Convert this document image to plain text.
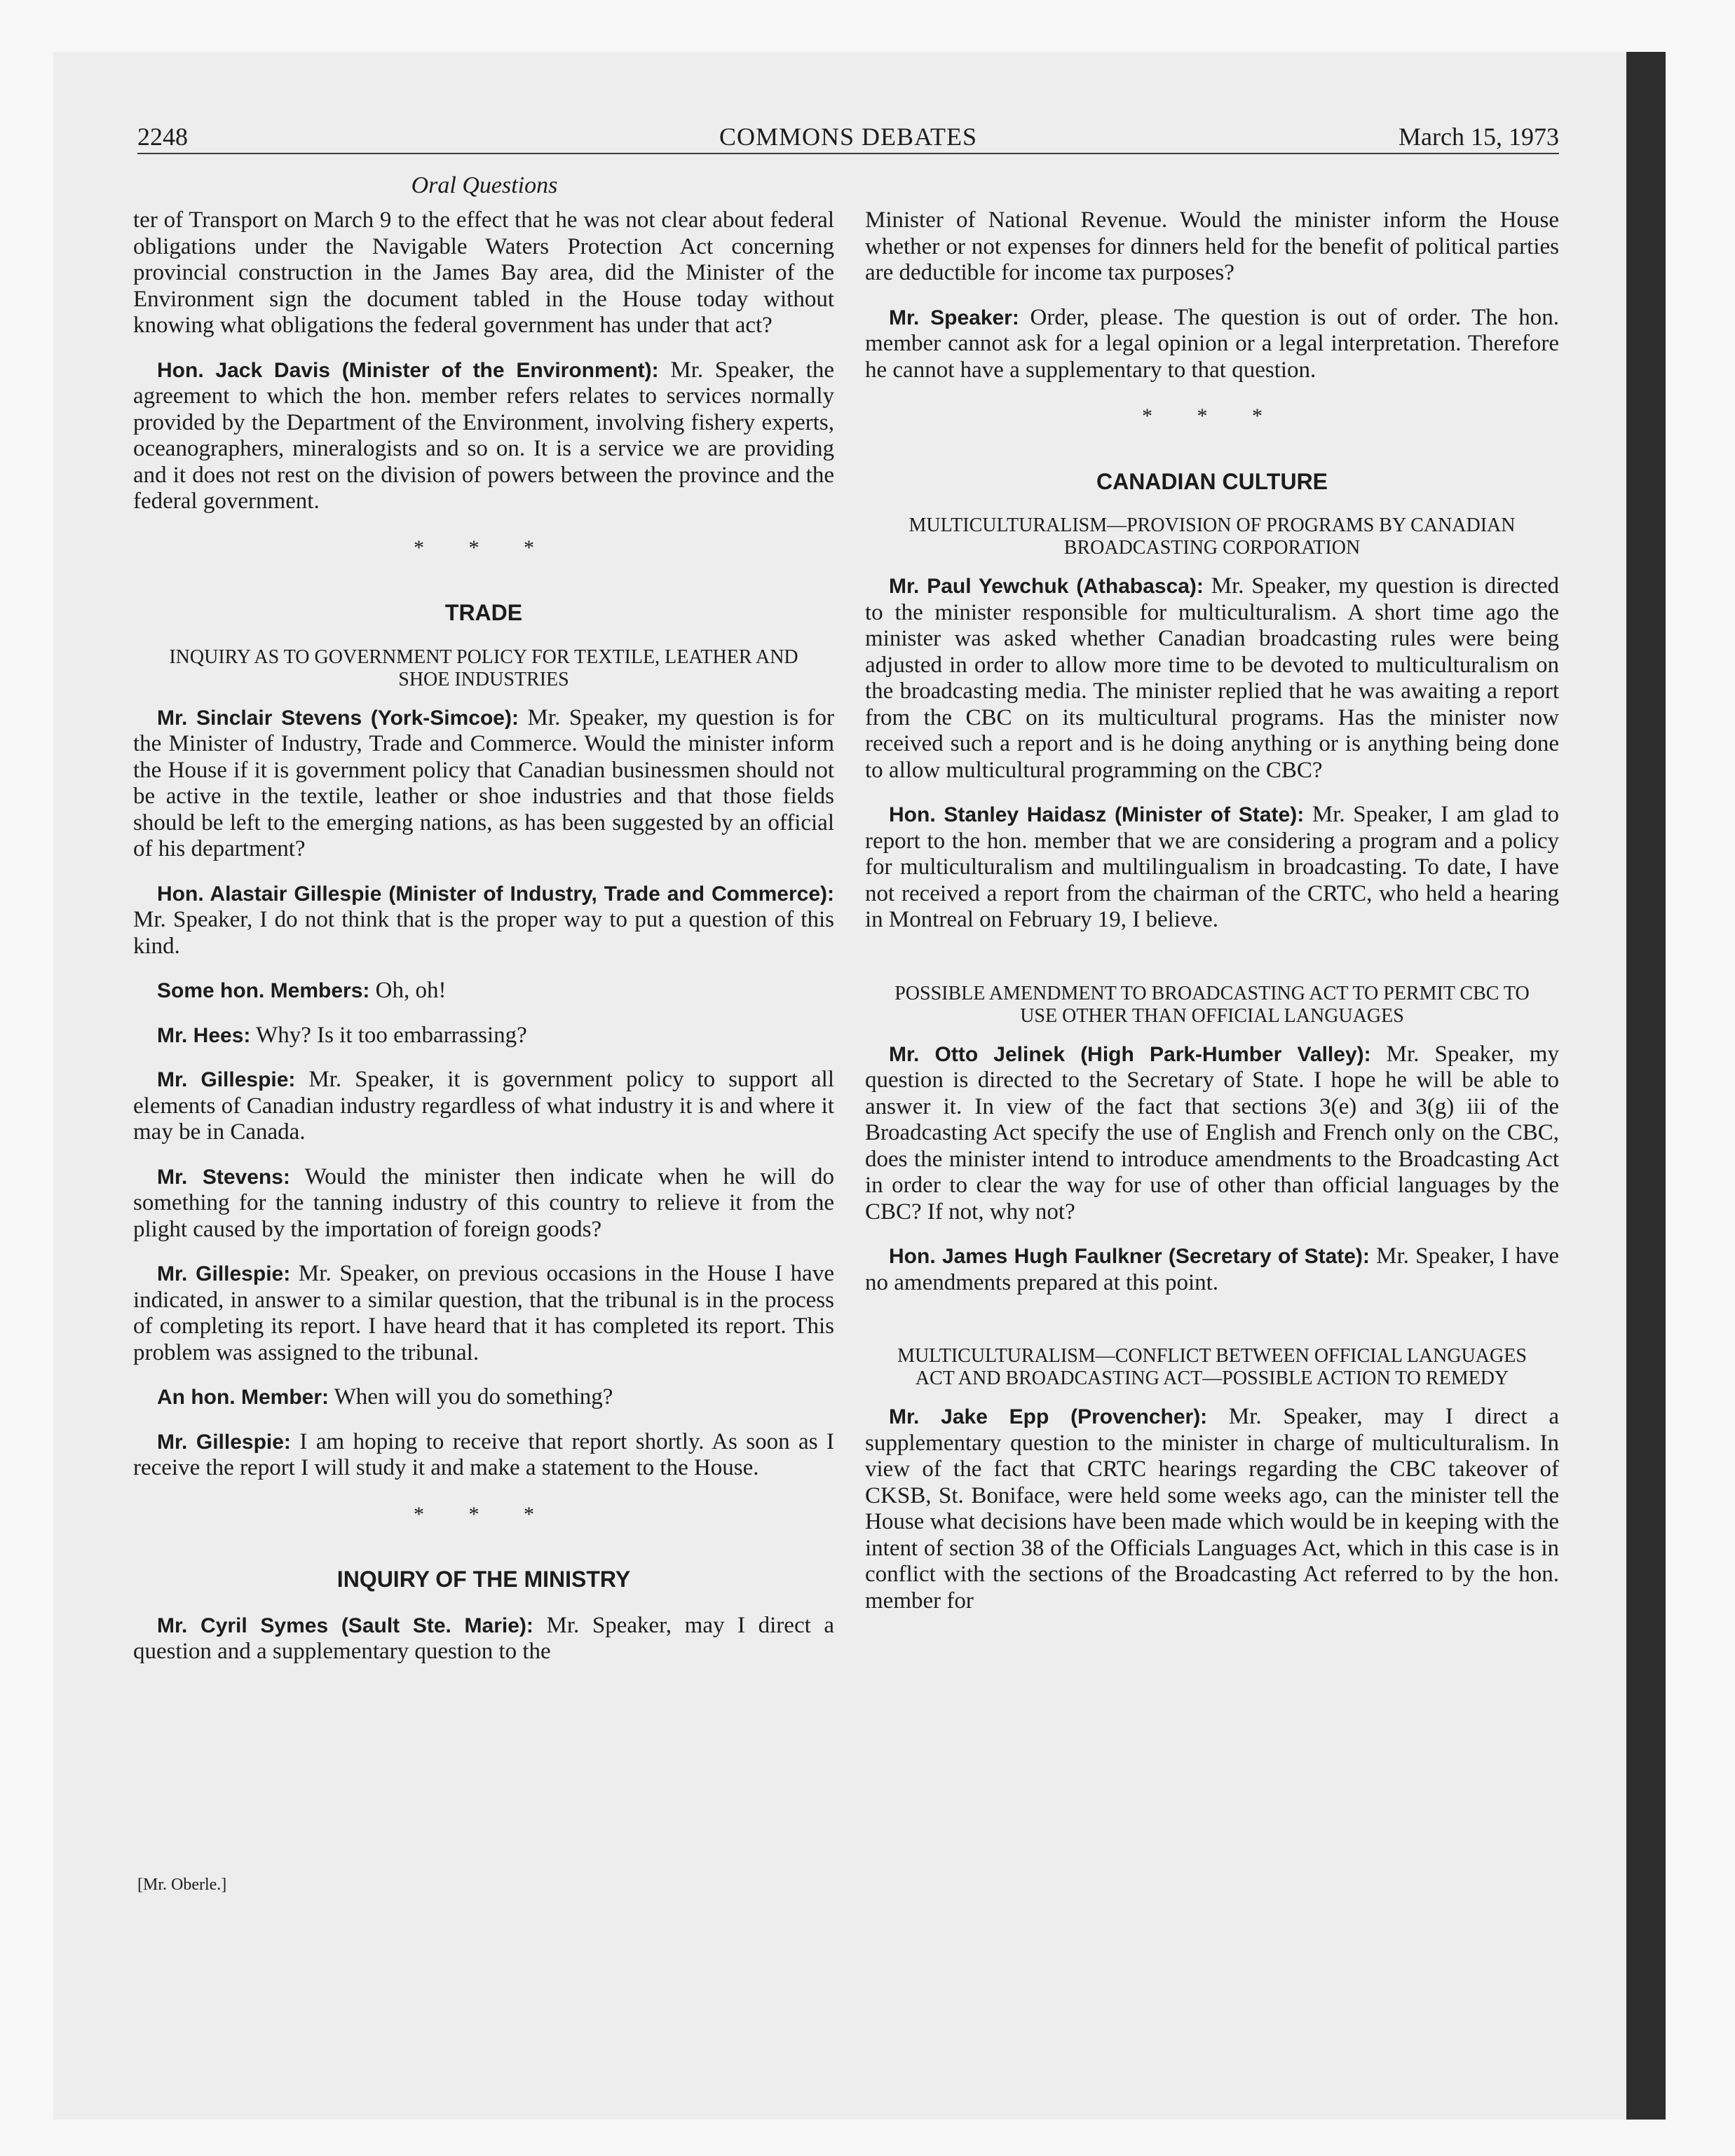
2248	COMMONS DEBATES	March 15, 1973
Oral Questions

ter of Transport on March 9 to the effect that he was not clear about federal obligations under the Navigable Waters Protection Act concerning provincial construction in the James Bay area, did the Minister of the Environment sign the document tabled in the House today without knowing what obligations the federal government has under that act?

Hon. Jack Davis (Minister of the Environment): Mr. Speaker, the agreement to which the hon. member refers relates to services normally provided by the Department of the Environment, involving fishery experts, oceanographers, mineralogists and so on. It is a service we are providing and it does not rest on the division of powers between the province and the federal government.

* * *
TRADE
INQUIRY AS TO GOVERNMENT POLICY FOR TEXTILE, LEATHER AND SHOE INDUSTRIES

Mr. Sinclair Stevens (York-Simcoe): Mr. Speaker, my question is for the Minister of Industry, Trade and Commerce. Would the minister inform the House if it is government policy that Canadian businessmen should not be active in the textile, leather or shoe industries and that those fields should be left to the emerging nations, as has been suggested by an official of his department?

Hon. Alastair Gillespie (Minister of Industry, Trade and Commerce): Mr. Speaker, I do not think that is the proper way to put a question of this kind.

Some hon. Members: Oh, oh!

Mr. Hees: Why? Is it too embarrassing?

Mr. Gillespie: Mr. Speaker, it is government policy to support all elements of Canadian industry regardless of what industry it is and where it may be in Canada.

Mr. Stevens: Would the minister then indicate when he will do something for the tanning industry of this country to relieve it from the plight caused by the importation of foreign goods?

Mr. Gillespie: Mr. Speaker, on previous occasions in the House I have indicated, in answer to a similar question, that the tribunal is in the process of completing its report. I have heard that it has completed its report. This problem was assigned to the tribunal.

An hon. Member: When will you do something?

Mr. Gillespie: I am hoping to receive that report shortly. As soon as I receive the report I will study it and make a statement to the House.

* * *
INQUIRY OF THE MINISTRY

Mr. Cyril Symes (Sault Ste. Marie): Mr. Speaker, may I direct a question and a supplementary question to the

Minister of National Revenue. Would the minister inform the House whether or not expenses for dinners held for the benefit of political parties are deductible for income tax purposes?

Mr. Speaker: Order, please. The question is out of order. The hon. member cannot ask for a legal opinion or a legal interpretation. Therefore he cannot have a supplementary to that question.

* * *
CANADIAN CULTURE
MULTICULTURALISM—PROVISION OF PROGRAMS BY CANADIAN BROADCASTING CORPORATION

Mr. Paul Yewchuk (Athabasca): Mr. Speaker, my question is directed to the minister responsible for multiculturalism. A short time ago the minister was asked whether Canadian broadcasting rules were being adjusted in order to allow more time to be devoted to multiculturalism on the broadcasting media. The minister replied that he was awaiting a report from the CBC on its multicultural programs. Has the minister now received such a report and is he doing anything or is anything being done to allow multicultural programming on the CBC?

Hon. Stanley Haidasz (Minister of State): Mr. Speaker, I am glad to report to the hon. member that we are considering a program and a policy for multiculturalism and multilingualism in broadcasting. To date, I have not received a report from the chairman of the CRTC, who held a hearing in Montreal on February 19, I believe.

POSSIBLE AMENDMENT TO BROADCASTING ACT TO PERMIT CBC TO USE OTHER THAN OFFICIAL LANGUAGES

Mr. Otto Jelinek (High Park-Humber Valley): Mr. Speaker, my question is directed to the Secretary of State. I hope he will be able to answer it. In view of the fact that sections 3(e) and 3(g) iii of the Broadcasting Act specify the use of English and French only on the CBC, does the minister intend to introduce amendments to the Broadcasting Act in order to clear the way for use of other than official languages by the CBC? If not, why not?

Hon. James Hugh Faulkner (Secretary of State): Mr. Speaker, I have no amendments prepared at this point.

MULTICULTURALISM—CONFLICT BETWEEN OFFICIAL LANGUAGES ACT AND BROADCASTING ACT—POSSIBLE ACTION TO REMEDY

Mr. Jake Epp (Provencher): Mr. Speaker, may I direct a supplementary question to the minister in charge of multiculturalism. In view of the fact that CRTC hearings regarding the CBC takeover of CKSB, St. Boniface, were held some weeks ago, can the minister tell the House what decisions have been made which would be in keeping with the intent of section 38 of the Officials Languages Act, which in this case is in conflict with the sections of the Broadcasting Act referred to by the hon. member for

[Mr. Oberle.]
